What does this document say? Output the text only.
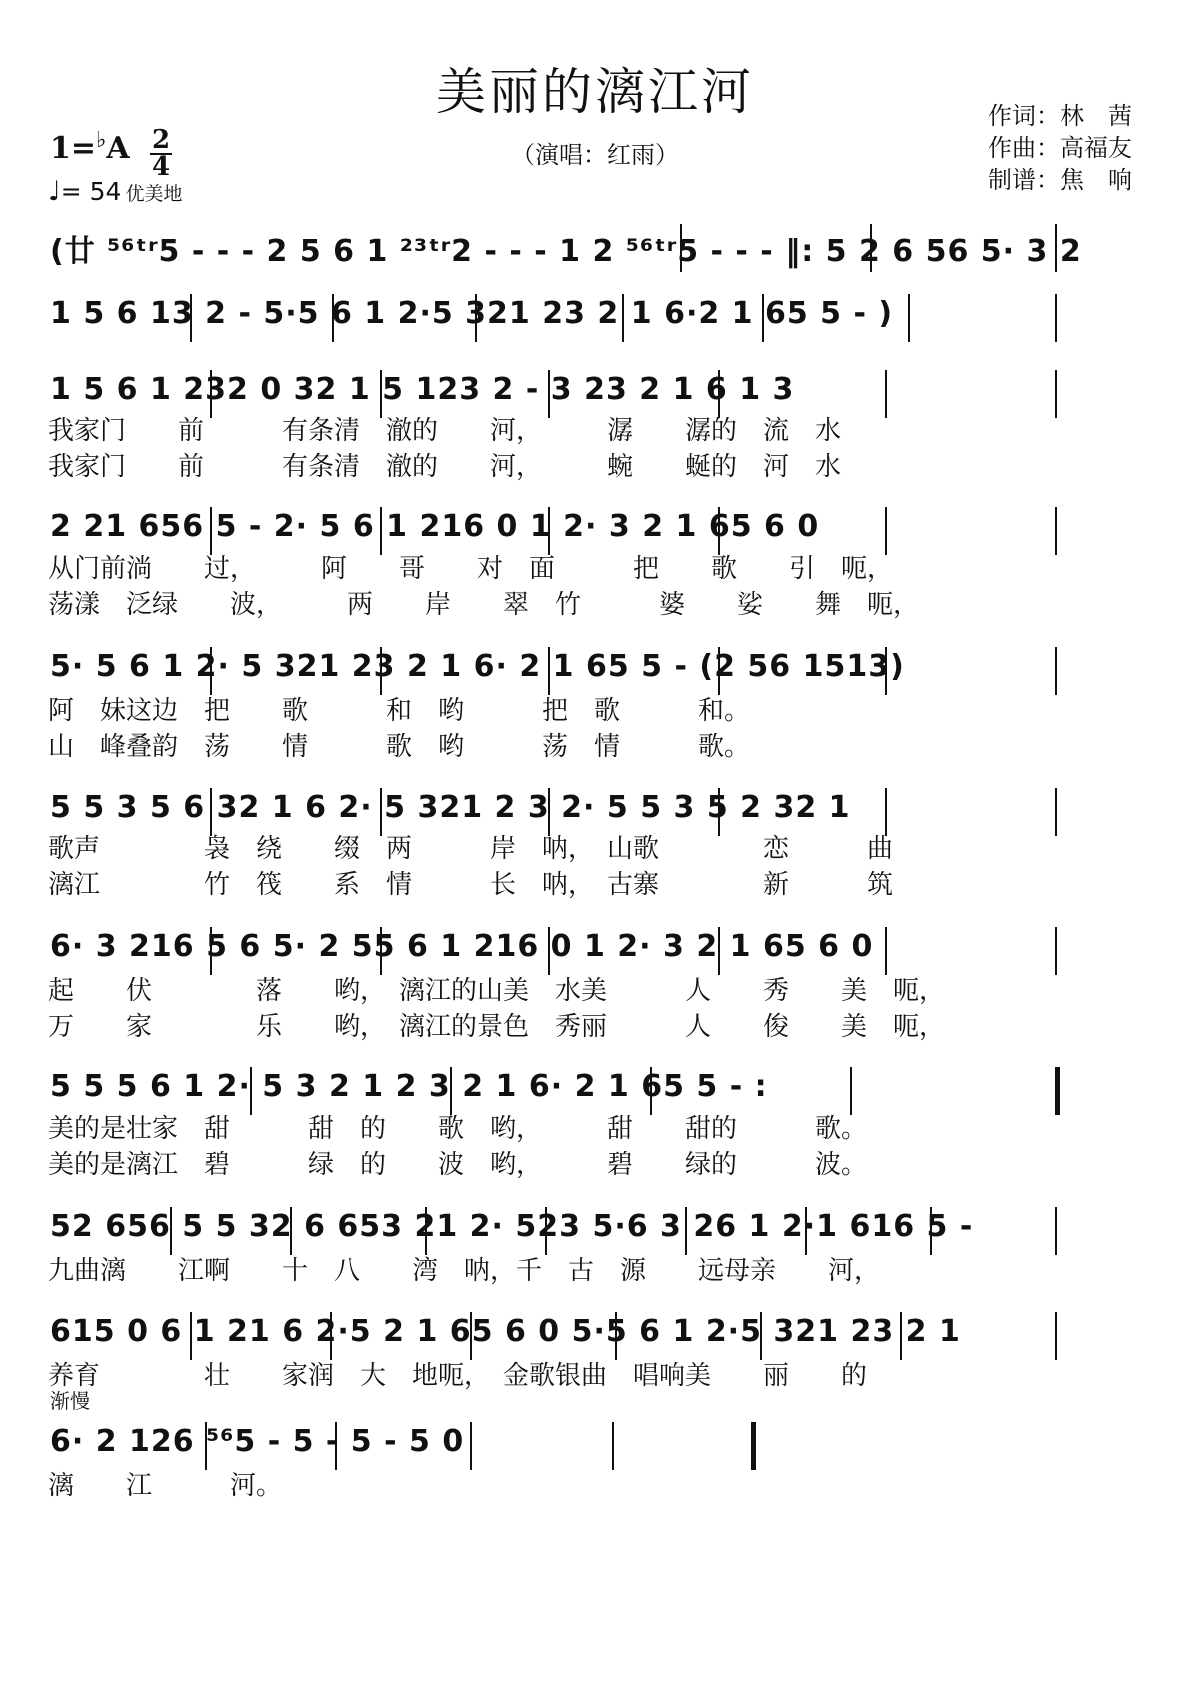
美丽的漓江河
（演唱：红雨）
作词：林　茜
作曲：高福友
制谱：焦　响
1=♭A 2
4
♩= 54 优美地
(廿 ⁵⁶ᵗʳ5 - - - 2 5 6 1 ²³ᵗʳ2 - - - 1 2 ⁵⁶ᵗʳ5 - - - ‖: 5 2 6 56 5· 3 2
1 5 6 13 2 - 5·5 6 1 2·5 321 23 2 1 6·2 1 65 5 - )
1 5 6 1 232 0 32 1 5 123 2 - 3 23 2 1 6 1 3
我家门　　前　　　有条清　澈的　　河，　　　潺　　潺的　流　水
我家门　　前　　　有条清　澈的　　河，　　　蜿　　蜒的　河　水
2 21 656 5 - 2· 5 6 1 216 0 1 2· 3 2 1 65 6 0
从门前淌　　过，　　　阿　　哥　　对　面　　　把　　歌　　引　呃，
荡漾　泛绿　　波，　　　两　　岸　　翠　竹　　　婆　　娑　　舞　呃，
5· 5 6 1 2· 5 321 23 2 1 6· 2 1 65 5 - (2 56 1513)
阿　妹这边　把　　歌　　　和　哟　　　把　歌　　　和。
山　峰叠韵　荡　　情　　　歌　哟　　　荡　情　　　歌。
5 5 3 5 6 32 1 6 2· 5 321 2 3 2· 5 5 3 5 2 32 1
歌声　　　　袅　绕　　缀　两　　　岸　呐，　山歌　　　　恋　　　曲
漓江　　　　竹　筏　　系　情　　　长　呐，　古寨　　　　新　　　筑
6· 3 216 5 6 5· 2 55 6 1 216 0 1 2· 3 2 1 65 6 0
起　　伏　　　　落　　哟，　漓江的山美　水美　　　人　　秀　　美　呃，
万　　家　　　　乐　　哟，　漓江的景色　秀丽　　　人　　俊　　美　呃，
5 5 5 6 1 2· 5 3 2 1 2 3 2 1 6· 2 1 65 5 - :
美的是壮家　甜　　　甜　的　　歌　哟，　　　甜　　甜的　　　歌。
美的是漓江　碧　　　绿　的　　波　哟，　　　碧　　绿的　　　波。
52 656 5 5 32 6 653 21 2· 523 5·6 3 26 1 2·1 616 5 -
九曲漓　　江啊　　十　八　　湾　呐，千　古　源　　远母亲　　河，
615 0 6 1 21 6 2·5 2 1 65 6 0 5·5 6 1 2·5 321 23 2 1
养育　　　　壮　　家润　大　地呃，　金歌银曲　唱响美　　丽　　的
渐慢
6· 2 126 ⁵⁶5 - 5 - 5 - 5 0
漓　　江　　　河。
